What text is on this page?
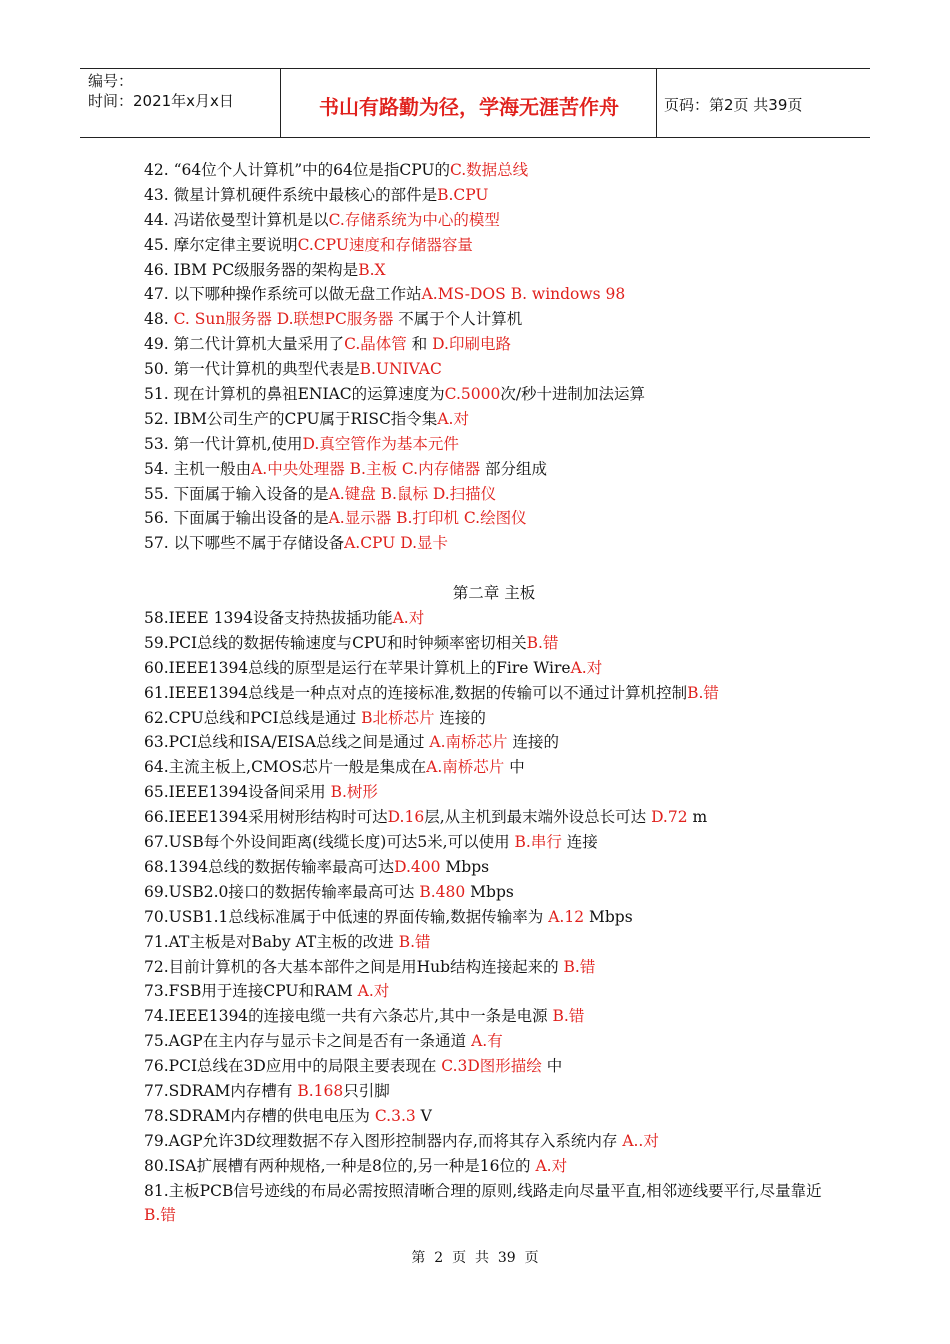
编号：
时间：2021年x月x日	书山有路勤为径，学海无涯苦作舟	页码：第2页 共39页
42. “64位个人计算机”中的64位是指CPU的C.数据总线
43. 微星计算机硬件系统中最核心的部件是B.CPU
44. 冯诺依曼型计算机是以C.存储系统为中心的模型
45. 摩尔定律主要说明C.CPU速度和存储器容量
46. IBM PC级服务器的架构是B.X
47. 以下哪种操作系统可以做无盘工作站A.MS-DOS B. windows 98
48. C. Sun服务器 D.联想PC服务器 不属于个人计算机
49. 第二代计算机大量采用了C.晶体管 和 D.印刷电路
50. 第一代计算机的典型代表是B.UNIVAC
51. 现在计算机的鼻祖ENIAC的运算速度为C.5000次/秒十进制加法运算
52. IBM公司生产的CPU属于RISC指令集A.对
53. 第一代计算机,使用D.真空管作为基本元件
54. 主机一般由A.中央处理器 B.主板 C.内存储器 部分组成
55. 下面属于输入设备的是A.键盘 B.鼠标 D.扫描仪
56. 下面属于输出设备的是A.显示器 B.打印机 C.绘图仪
57. 以下哪些不属于存储设备A.CPU D.显卡
第二章 主板
58.IEEE 1394设备支持热拔插功能A.对
59.PCI总线的数据传输速度与CPU和时钟频率密切相关B.错
60.IEEE1394总线的原型是运行在苹果计算机上的Fire WireA.对
61.IEEE1394总线是一种点对点的连接标准,数据的传输可以不通过计算机控制B.错
62.CPU总线和PCI总线是通过 B北桥芯片 连接的
63.PCI总线和ISA/EISA总线之间是通过 A.南桥芯片 连接的
64.主流主板上,CMOS芯片一般是集成在A.南桥芯片 中
65.IEEE1394设备间采用 B.树形
66.IEEE1394采用树形结构时可达D.16层,从主机到最末端外设总长可达 D.72 m
67.USB每个外设间距离(线缆长度)可达5米,可以使用 B.串行 连接
68.1394总线的数据传输率最高可达D.400 Mbps
69.USB2.0接口的数据传输率最高可达 B.480 Mbps
70.USB1.1总线标准属于中低速的界面传输,数据传输率为 A.12 Mbps
71.AT主板是对Baby AT主板的改进 B.错
72.目前计算机的各大基本部件之间是用Hub结构连接起来的 B.错
73.FSB用于连接CPU和RAM A.对
74.IEEE1394的连接电缆一共有六条芯片,其中一条是电源 B.错
75.AGP在主内存与显示卡之间是否有一条通道 A.有
76.PCI总线在3D应用中的局限主要表现在 C.3D图形描绘 中
77.SDRAM内存槽有 B.168只引脚
78.SDRAM内存槽的供电电压为 C.3.3 V
79.AGP允许3D纹理数据不存入图形控制器内存,而将其存入系统内存 A..对
80.ISA扩展槽有两种规格,一种是8位的,另一种是16位的 A.对
81.主板PCB信号迹线的布局必需按照清晰合理的原则,线路走向尽量平直,相邻迹线要平行,尽量靠近 B.错
第  2  页  共  39  页
